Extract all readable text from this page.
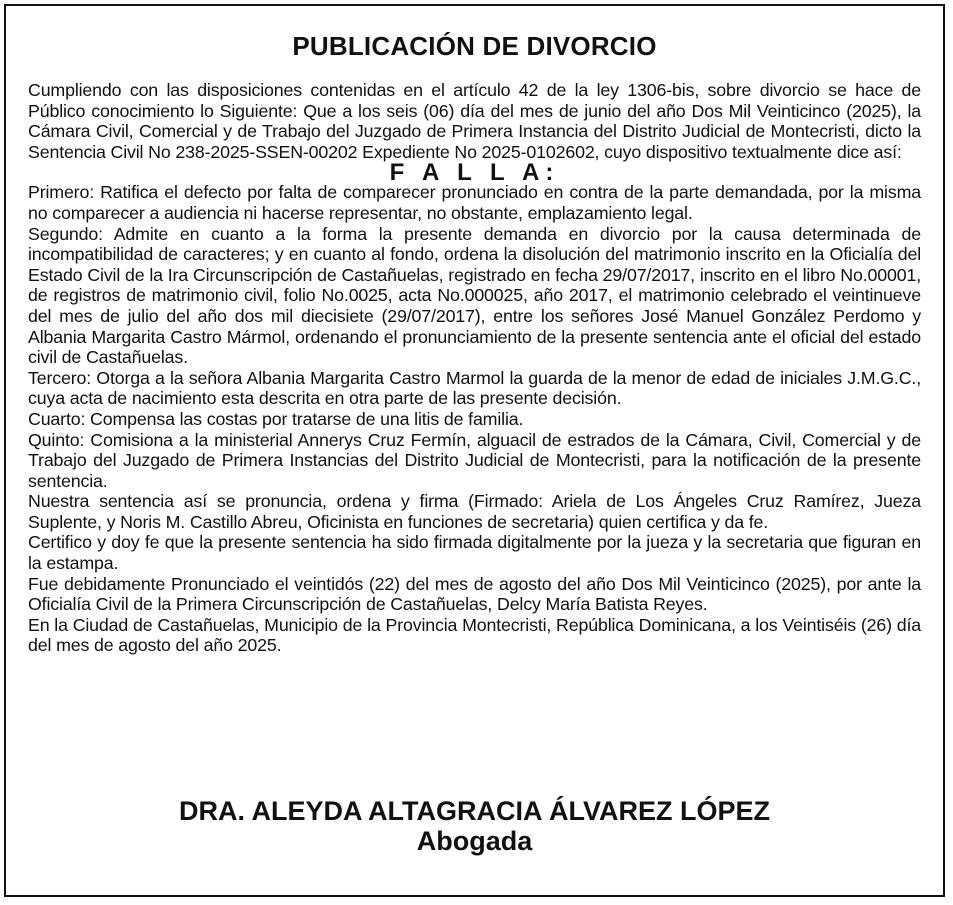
PUBLICACIÓN DE DIVORCIO

Cumpliendo con las disposiciones contenidas en el artículo 42 de la ley 1306-bis, sobre divorcio se hace de Público conocimiento lo Siguiente: Que a los seis (06) día del mes de junio del año Dos Mil Veinticinco (2025), la Cámara Civil, Comercial y de Trabajo del Juzgado de Primera Instancia del Distrito Judicial de Montecristi, dicto la Sentencia Civil No 238-2025-SSEN-00202 Expediente No 2025-0102602, cuyo dispositivo textualmente dice así:

F A L L A:

Primero: Ratifica el defecto por falta de comparecer pronunciado en contra de la parte demandada, por la misma no comparecer a audiencia ni hacerse representar, no obstante, emplazamiento legal.

Segundo: Admite en cuanto a la forma la presente demanda en divorcio por la causa determinada de incompatibilidad de caracteres; y en cuanto al fondo, ordena la disolución del matrimonio inscrito en la Oficialía del Estado Civil de la Ira Circunscripción de Castañuelas, registrado en fecha 29/07/2017, inscrito en el libro No.00001, de registros de matrimonio civil, folio No.0025, acta No.000025, año 2017, el matrimonio celebrado el veintinueve del mes de julio del año dos mil diecisiete (29/07/2017), entre los señores José Manuel González Perdomo y Albania Margarita Castro Mármol, ordenando el pronunciamiento de la presente sentencia ante el oficial del estado civil de Castañuelas.

Tercero: Otorga a la señora Albania Margarita Castro Marmol la guarda de la menor de edad de iniciales J.M.G.C., cuya acta de nacimiento esta descrita en otra parte de las presente decisión.

Cuarto: Compensa las costas por tratarse de una litis de familia.

Quinto: Comisiona a la ministerial Annerys Cruz Fermín, alguacil de estrados de la Cámara, Civil, Comercial y de Trabajo del Juzgado de Primera Instancias del Distrito Judicial de Montecristi, para la notificación de la presente sentencia.

Nuestra sentencia así se pronuncia, ordena y firma (Firmado: Ariela de Los Ángeles Cruz Ramírez, Jueza Suplente, y Noris M. Castillo Abreu, Oficinista en funciones de secretaria) quien certifica y da fe.

Certifico y doy fe que la presente sentencia ha sido firmada digitalmente por la jueza y la secretaria que figuran en la estampa.

Fue debidamente Pronunciado el veintidós (22) del mes de agosto del año Dos Mil Veinticinco (2025), por ante la Oficialía Civil de la Primera Circunscripción de Castañuelas, Delcy María Batista Reyes.

En la Ciudad de Castañuelas, Municipio de la Provincia Montecristi, República Dominicana, a los Veintiséis (26) día del mes de agosto del año 2025.

DRA. ALEYDA ALTAGRACIA ÁLVAREZ LÓPEZ
Abogada
